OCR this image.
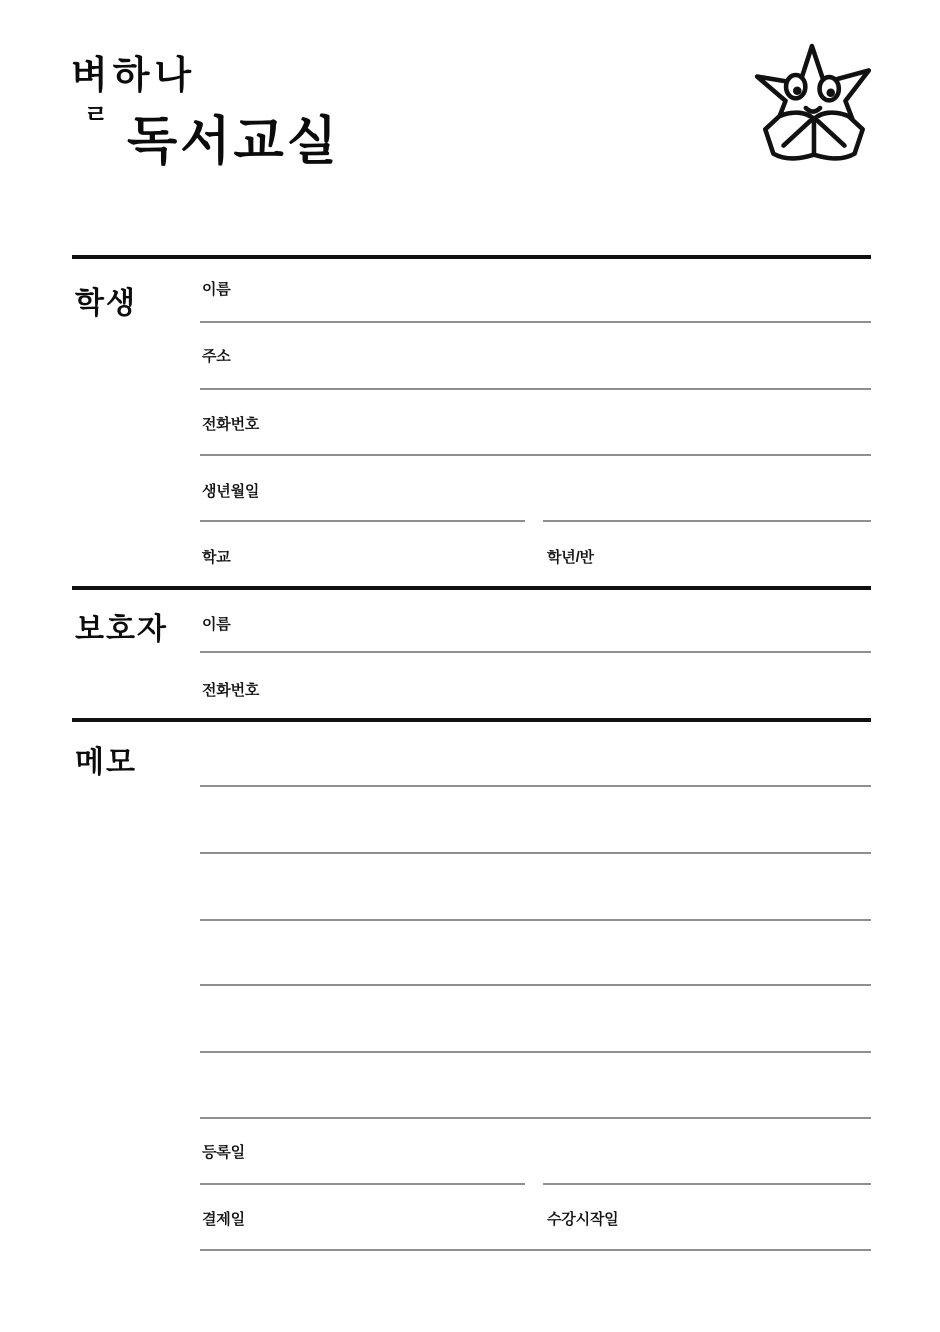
벼하나
ㄹ 독서교실
학생	이름
주소
전화번호
생년월일
학교	학년/반
보호자 이름
전화번호
메모
등록일
결제일	수강시작일
